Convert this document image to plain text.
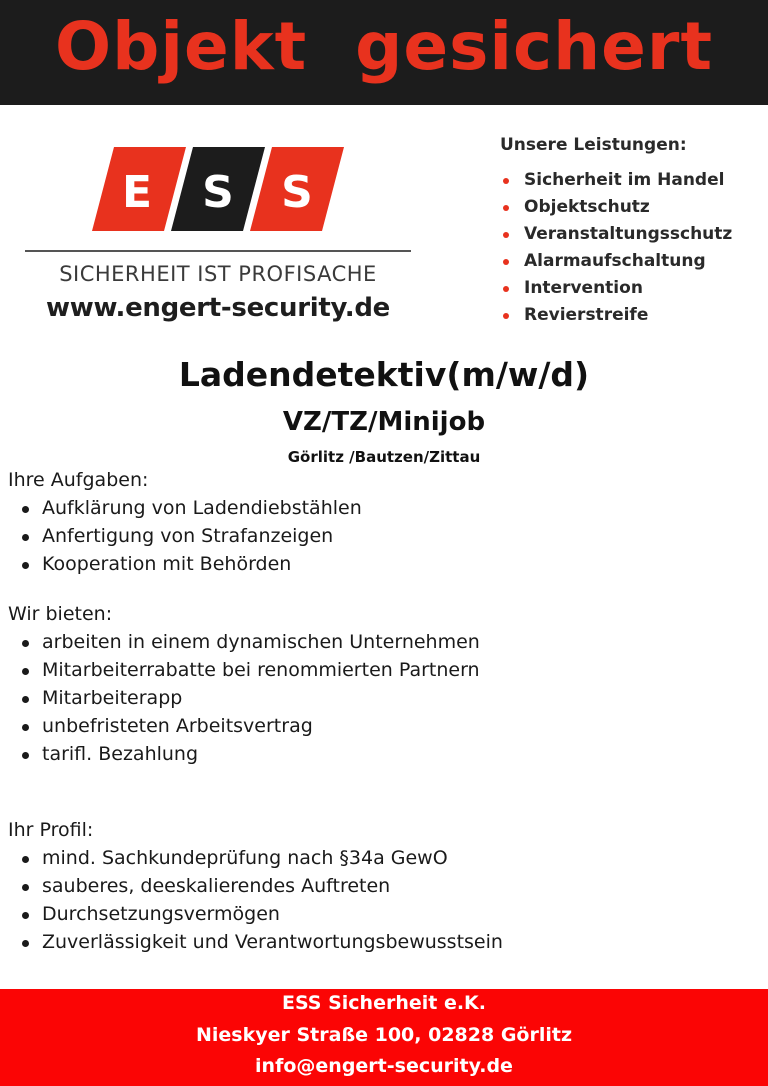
Objekt  gesichert
E S S
SICHERHEIT IST PROFISACHE
www.engert-security.de
Unsere Leistungen:
Sicherheit im Handel
Objektschutz
Veranstaltungsschutz
Alarmaufschaltung
Intervention
Revierstreife
Ladendetektiv(m/w/d)
VZ/TZ/Minijob
Görlitz /Bautzen/Zittau
Ihre Aufgaben:
Aufklärung von Ladendiebstählen
Anfertigung von Strafanzeigen
Kooperation mit Behörden
Wir bieten:
arbeiten in einem dynamischen Unternehmen
Mitarbeiterrabatte bei renommierten Partnern
Mitarbeiterapp
unbefristeten Arbeitsvertrag
tarifl. Bezahlung
Ihr Profil:
mind. Sachkundeprüfung nach §34a GewO
sauberes, deeskalierendes Auftreten
Durchsetzungsvermögen
Zuverlässigkeit und Verantwortungsbewusstsein
ESS Sicherheit e.K.
Nieskyer Straße 100, 02828 Görlitz
info@engert-security.de
